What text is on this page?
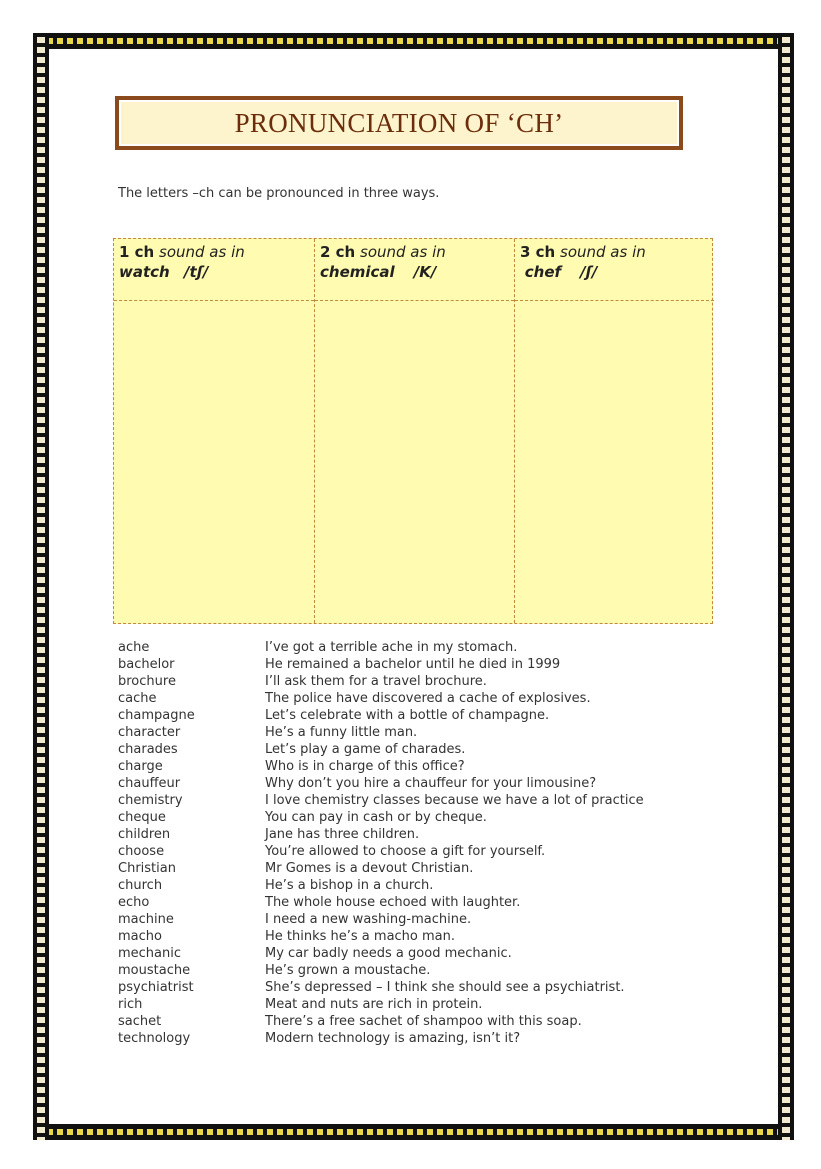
PRONUNCIATION OF ‘CH’
The letters –ch can be pronounced in three ways.
1 ch sound as in
watch /tʃ/
2 ch sound as in
chemical /K/
3 ch sound as in
chef /ʃ/
ache	I’ve got a terrible ache in my stomach.
bachelor	He remained a bachelor until he died in 1999
brochure	I’ll ask them for a travel brochure.
cache	The police have discovered a cache of explosives.
champagne	Let’s celebrate with a bottle of champagne.
character	He’s a funny little man.
charades	Let’s play a game of charades.
charge	Who is in charge of this office?
chauffeur	Why don’t you hire a chauffeur for your limousine?
chemistry	I love chemistry classes because we have a lot of practice
cheque	You can pay in cash or by cheque.
children	Jane has three children.
choose	You’re allowed to choose a gift for yourself.
Christian	Mr Gomes is a devout Christian.
church	He’s a bishop in a church.
echo	The whole house echoed with laughter.
machine	I need a new washing-machine.
macho	He thinks he’s a macho man.
mechanic	My car badly needs a good mechanic.
moustache	He’s grown a moustache.
psychiatrist	She’s depressed – I think she should see a psychiatrist.
rich	Meat and nuts are rich in protein.
sachet	There’s a free sachet of shampoo with this soap.
technology	Modern technology is amazing, isn’t it?
